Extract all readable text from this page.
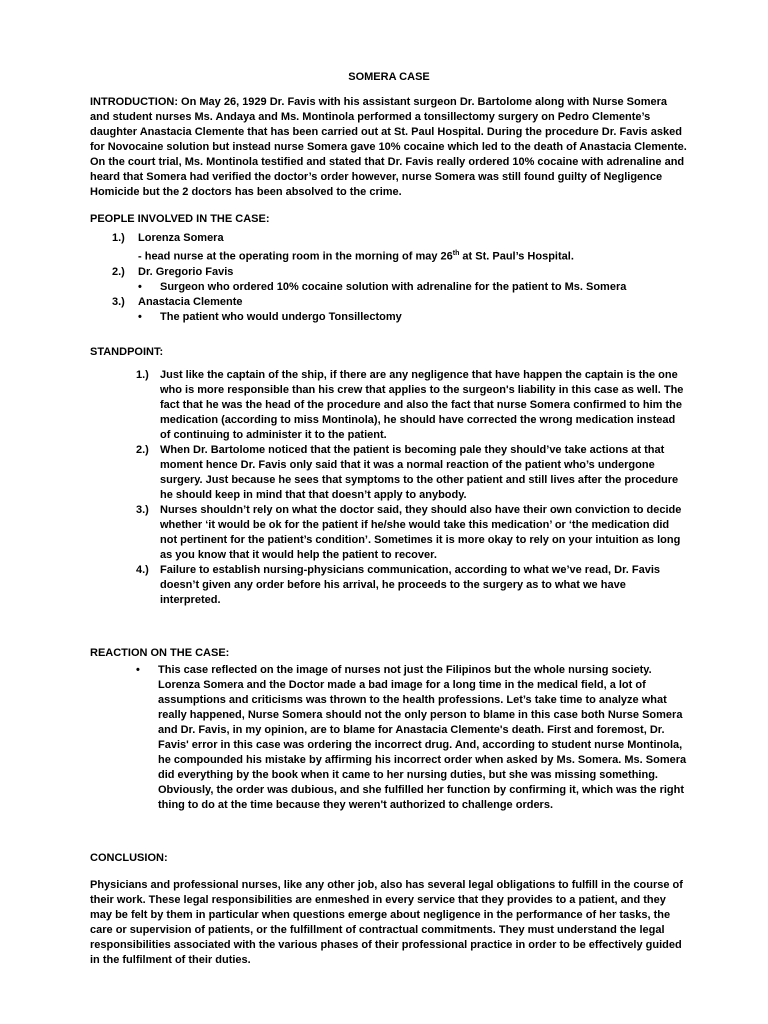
SOMERA CASE

INTRODUCTION: On May 26, 1929 Dr. Favis with his assistant surgeon Dr. Bartolome along with Nurse Somera and student nurses Ms. Andaya and Ms. Montinola performed a tonsillectomy surgery on Pedro Clemente’s daughter Anastacia Clemente that has been carried out at St. Paul Hospital. During the procedure Dr. Favis asked for Novocaine solution but instead nurse Somera gave 10% cocaine which led to the death of Anastacia Clemente. On the court trial, Ms. Montinola testified and stated that Dr. Favis really ordered 10% cocaine with adrenaline and heard that Somera had verified the doctor’s order however, nurse Somera was still found guilty of Negligence Homicide but the 2 doctors has been absolved to the crime.

PEOPLE INVOLVED IN THE CASE:
1.)	Lorenza Somera
- head nurse at the operating room in the morning of may 26th at St. Paul’s Hospital.
2.)	Dr. Gregorio Favis
•	Surgeon who ordered 10% cocaine solution with adrenaline for the patient to Ms. Somera
3.)	Anastacia Clemente
•	The patient who would undergo Tonsillectomy
STANDPOINT:
1.)	Just like the captain of the ship, if there are any negligence that have happen the captain is the one who is more responsible than his crew that applies to the surgeon's liability in this case as well. The fact that he was the head of the procedure and also the fact that nurse Somera confirmed to him the medication (according to miss Montinola), he should have corrected the wrong medication instead of continuing to administer it to the patient.
2.)	When Dr. Bartolome noticed that the patient is becoming pale they should’ve take actions at that moment hence Dr. Favis only said that it was a normal reaction of the patient who’s undergone surgery. Just because he sees that symptoms to the other patient and still lives after the procedure he should keep in mind that that doesn’t apply to anybody.
3.)	Nurses shouldn’t rely on what the doctor said, they should also have their own conviction to decide whether ‘it would be ok for the patient if he/she would take this medication’ or ‘the medication did not pertinent for the patient’s condition’. Sometimes it is more okay to rely on your intuition as long as you know that it would help the patient to recover.
4.)	Failure to establish nursing-physicians communication, according to what we’ve read, Dr. Favis doesn’t given any order before his arrival, he proceeds to the surgery as to what we have interpreted.
REACTION ON THE CASE:
•	This case reflected on the image of nurses not just the Filipinos but the whole nursing society. Lorenza Somera and the Doctor made a bad image for a long time in the medical field, a lot of assumptions and criticisms was thrown to the health professions. Let’s take time to analyze what really happened, Nurse Somera should not the only person to blame in this case both Nurse Somera and Dr. Favis, in my opinion, are to blame for Anastacia Clemente's death. First and foremost, Dr. Favis' error in this case was ordering the incorrect drug. And, according to student nurse Montinola, he compounded his mistake by affirming his incorrect order when asked by Ms. Somera. Ms. Somera did everything by the book when it came to her nursing duties, but she was missing something. Obviously, the order was dubious, and she fulfilled her function by confirming it, which was the right thing to do at the time because they weren't authorized to challenge orders.
CONCLUSION:

Physicians and professional nurses, like any other job, also has several legal obligations to fulfill in the course of their work. These legal responsibilities are enmeshed in every service that they provides to a patient, and they may be felt by them in particular when questions emerge about negligence in the performance of her tasks, the care or supervision of patients, or the fulfillment of contractual commitments. They must understand the legal responsibilities associated with the various phases of their professional practice in order to be effectively guided in the fulfilment of their duties.
